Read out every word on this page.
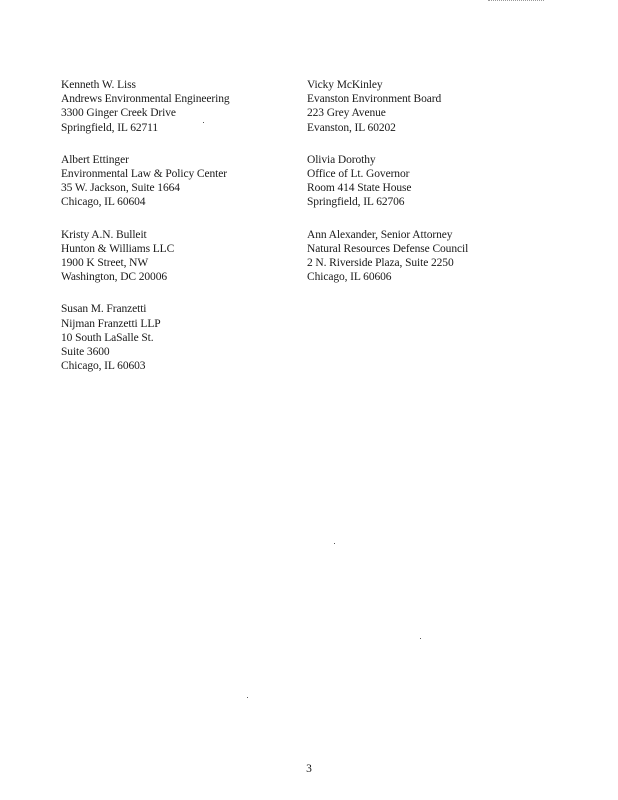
Kenneth W. Liss
Andrews Environmental Engineering
3300 Ginger Creek Drive
Springfield, IL 62711
Albert Ettinger
Environmental Law & Policy Center
35 W. Jackson, Suite 1664
Chicago, IL 60604
Kristy A.N. Bulleit
Hunton & Williams LLC
1900 K Street, NW
Washington, DC 20006
Susan M. Franzetti
Nijman Franzetti LLP
10 South LaSalle St.
Suite 3600
Chicago, IL 60603
Vicky McKinley
Evanston Environment Board
223 Grey Avenue
Evanston, IL 60202
Olivia Dorothy
Office of Lt. Governor
Room 414 State House
Springfield, IL 62706
Ann Alexander, Senior Attorney
Natural Resources Defense Council
2 N. Riverside Plaza, Suite 2250
Chicago, IL 60606
3
